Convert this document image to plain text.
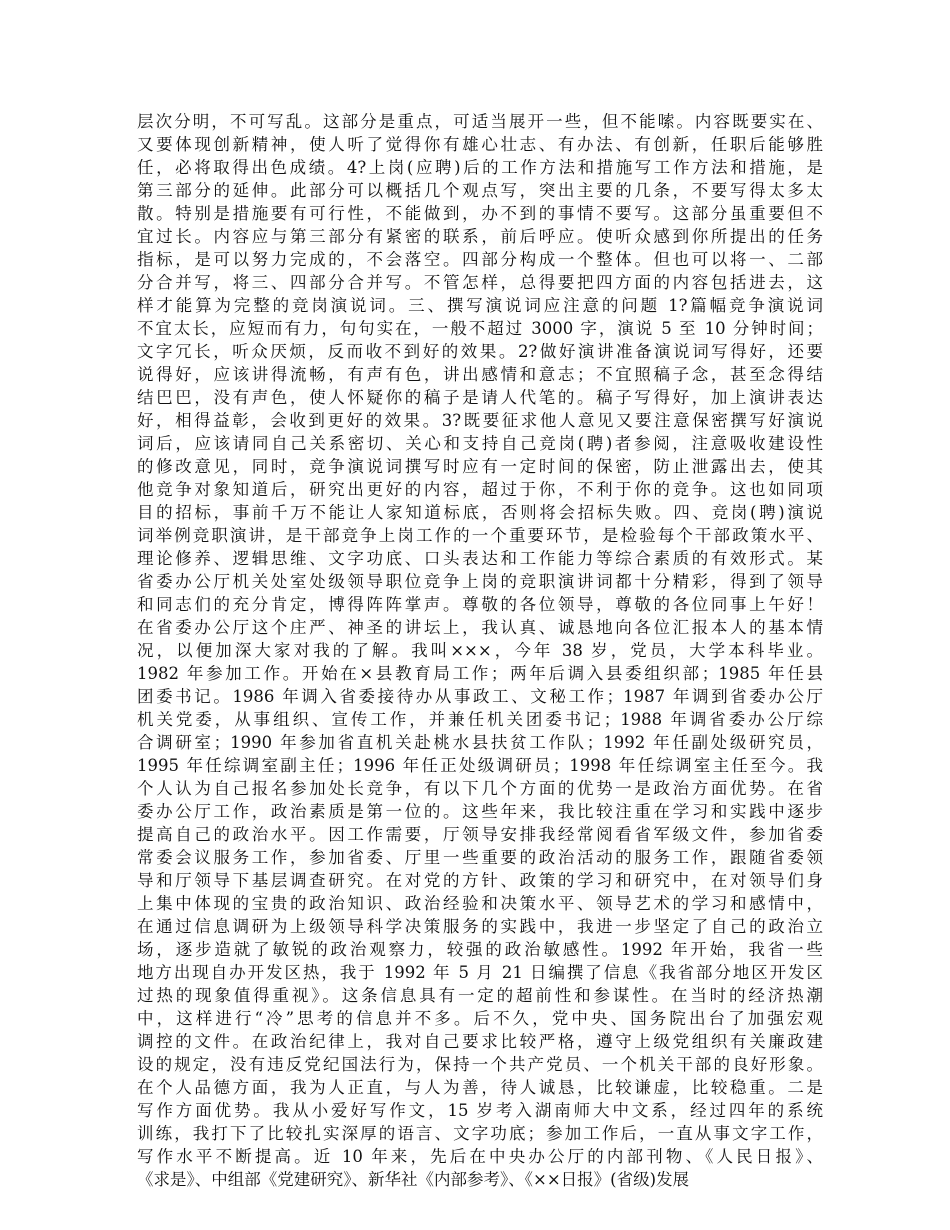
层次分明，不可写乱。这部分是重点，可适当展开一些，但不能嗦。内容既要实在、
又要体现创新精神，使人听了觉得你有雄心壮志、有办法、有创新，任职后能够胜
任，必将取得出色成绩。4?上岗(应聘)后的工作方法和措施写工作方法和措施，是
第三部分的延伸。此部分可以概括几个观点写，突出主要的几条，不要写得太多太
散。特别是措施要有可行性，不能做到，办不到的事情不要写。这部分虽重要但不
宜过长。内容应与第三部分有紧密的联系，前后呼应。使听众感到你所提出的任务
指标，是可以努力完成的，不会落空。四部分构成一个整体。但也可以将一、二部
分合并写，将三、四部分合并写。不管怎样，总得要把四方面的内容包括进去，这
样才能算为完整的竞岗演说词。三、撰写演说词应注意的问题 1?篇幅竞争演说词
不宜太长，应短而有力，句句实在，一般不超过 3000 字，演说 5 至 10 分钟时间；
文字冗长，听众厌烦，反而收不到好的效果。2?做好演讲准备演说词写得好，还要
说得好，应该讲得流畅，有声有色，讲出感情和意志；不宜照稿子念，甚至念得结
结巴巴，没有声色，使人怀疑你的稿子是请人代笔的。稿子写得好，加上演讲表达
好，相得益彰，会收到更好的效果。3?既要征求他人意见又要注意保密撰写好演说
词后，应该请同自己关系密切、关心和支持自己竞岗(聘)者参阅，注意吸收建设性
的修改意见，同时，竞争演说词撰写时应有一定时间的保密，防止泄露出去，使其
他竞争对象知道后，研究出更好的内容，超过于你，不利于你的竞争。这也如同项
目的招标，事前千万不能让人家知道标底，否则将会招标失败。四、竞岗(聘)演说
词举例竞职演讲，是干部竞争上岗工作的一个重要环节，是检验每个干部政策水平、
理论修养、逻辑思维、文字功底、口头表达和工作能力等综合素质的有效形式。某
省委办公厅机关处室处级领导职位竞争上岗的竞职演讲词都十分精彩，得到了领导
和同志们的充分肯定，博得阵阵掌声。尊敬的各位领导，尊敬的各位同事上午好！
在省委办公厅这个庄严、神圣的讲坛上，我认真、诚恳地向各位汇报本人的基本情
况，以便加深大家对我的了解。我叫×××，今年 38 岁，党员，大学本科毕业。
1982 年参加工作。开始在×县教育局工作；两年后调入县委组织部；1985 年任县
团委书记。1986 年调入省委接待办从事政工、文秘工作；1987 年调到省委办公厅
机关党委，从事组织、宣传工作，并兼任机关团委书记；1988 年调省委办公厅综
合调研室；1990 年参加省直机关赴桃水县扶贫工作队；1992 年任副处级研究员，
1995 年任综调室副主任；1996 年任正处级调研员；1998 年任综调室主任至今。我
个人认为自己报名参加处长竞争，有以下几个方面的优势一是政治方面优势。在省
委办公厅工作，政治素质是第一位的。这些年来，我比较注重在学习和实践中逐步
提高自己的政治水平。因工作需要，厅领导安排我经常阅看省军级文件，参加省委
常委会议服务工作，参加省委、厅里一些重要的政治活动的服务工作，跟随省委领
导和厅领导下基层调查研究。在对党的方针、政策的学习和研究中，在对领导们身
上集中体现的宝贵的政治知识、政治经验和决策水平、领导艺术的学习和感情中，
在通过信息调研为上级领导科学决策服务的实践中，我进一步坚定了自己的政治立
场，逐步造就了敏锐的政治观察力，较强的政治敏感性。1992 年开始，我省一些
地方出现自办开发区热，我于 1992 年 5 月 21 日编撰了信息《我省部分地区开发区
过热的现象值得重视》。这条信息具有一定的超前性和参谋性。在当时的经济热潮
中，这样进行“冷”思考的信息并不多。后不久，党中央、国务院出台了加强宏观
调控的文件。在政治纪律上，我对自己要求比较严格，遵守上级党组织有关廉政建
设的规定，没有违反党纪国法行为，保持一个共产党员、一个机关干部的良好形象。
在个人品德方面，我为人正直，与人为善，待人诚恳，比较谦虚，比较稳重。二是
写作方面优势。我从小爱好写作文，15 岁考入湖南师大中文系，经过四年的系统
训练，我打下了比较扎实深厚的语言、文字功底；参加工作后，一直从事文字工作，
写作水平不断提高。近 10 年来，先后在中央办公厅的内部刊物、《人民日报》、
《求是》、中组部《党建研究》、新华社《内部参考》、《××日报》(省级)发展
